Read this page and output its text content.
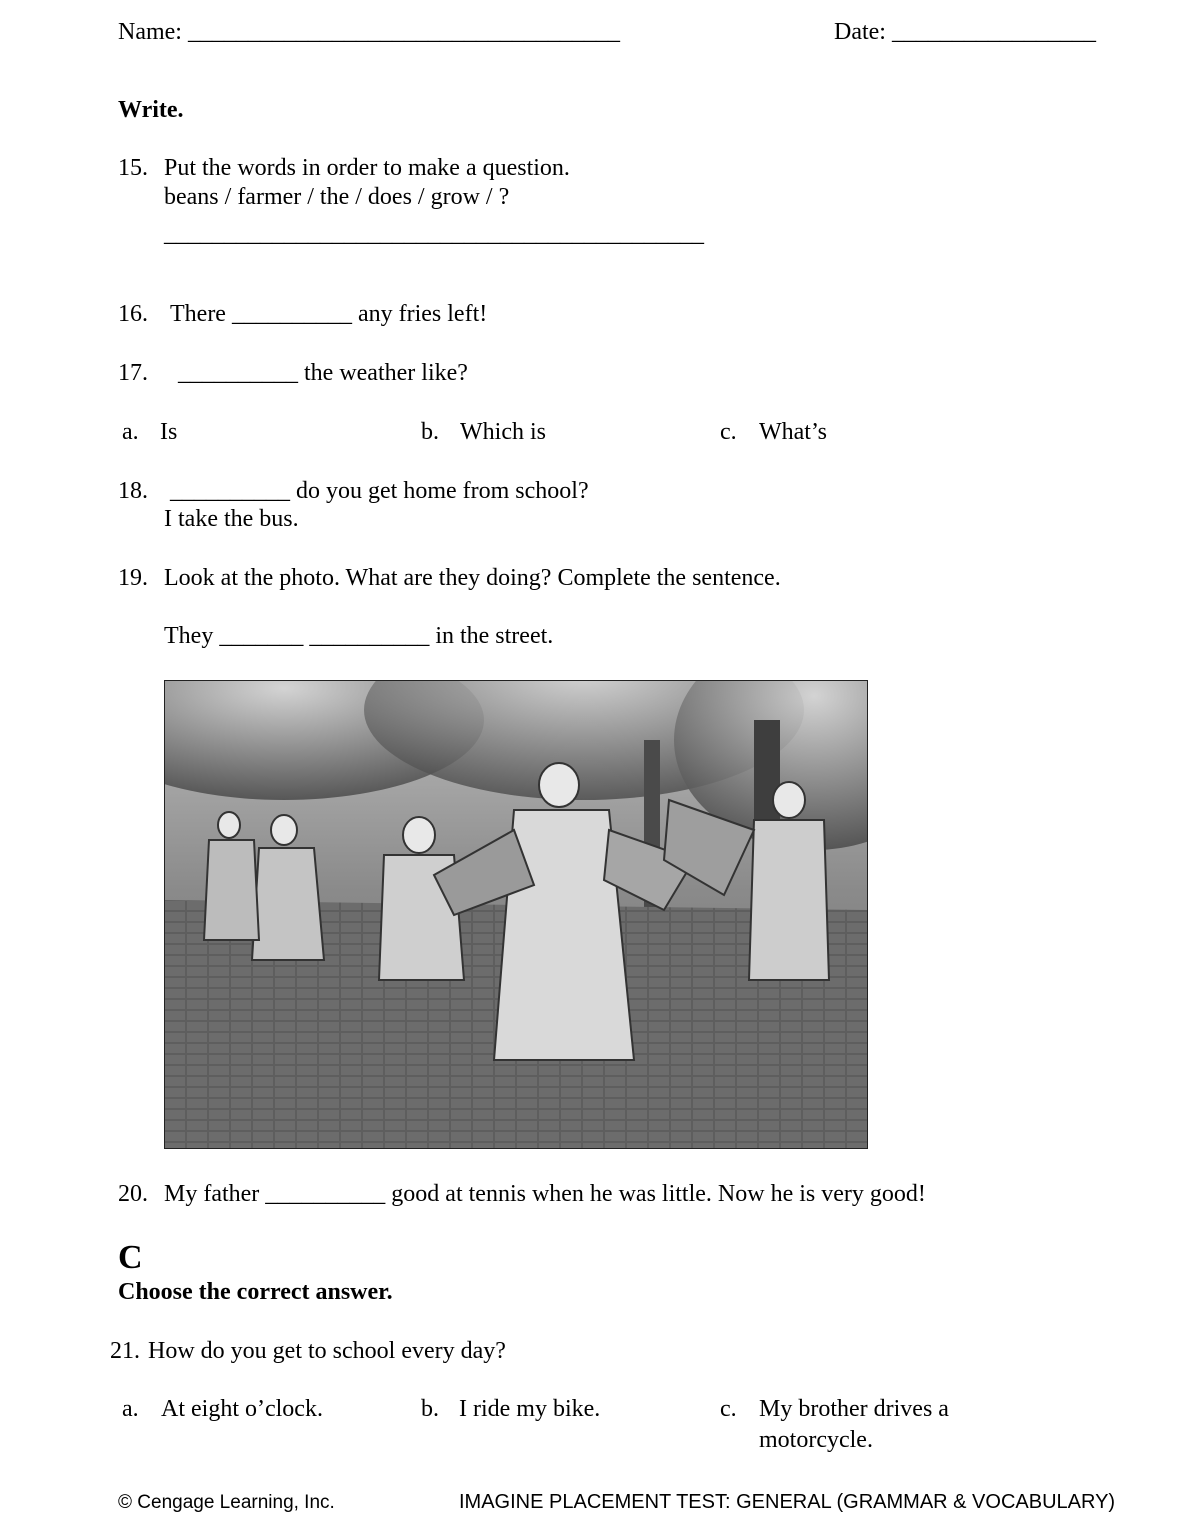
Name: ____________________________________	Date: _________________
Write.
15. Put the words in order to make a question.
beans / farmer / the / does / grow / ?
_____________________________________________
16. There __________ any fries left!
17. __________ the weather like?
a. Is	b. Which is	c. What’s
18. __________ do you get home from school?
I take the bus.
19. Look at the photo. What are they doing? Complete the sentence.
They _______ __________ in the street.
20. My father __________ good at tennis when he was little. Now he is very good!
C
Choose the correct answer.
21. How do you get to school every day?
a. At eight o’clock.	b. I ride my bike.	c. My brother drives a
motorcycle.
© Cengage Learning, Inc.	IMAGINE PLACEMENT TEST: GENERAL (GRAMMAR & VOCABULARY)
